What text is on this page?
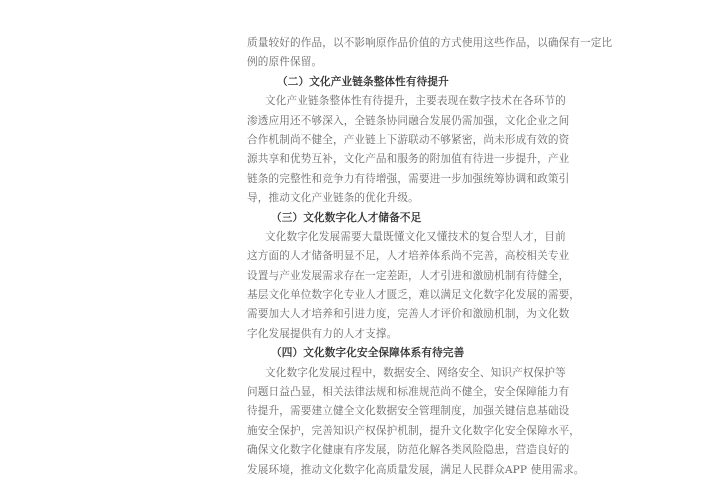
质量较好的作品，以不影响原作品价值的方式使用这些作品，以确保有一定比
例的原件保留。
（二）文化产业链条整体性有待提升
文化产业链条整体性有待提升，主要表现在数字技术在各环节的
渗透应用还不够深入，全链条协同融合发展仍需加强，文化企业之间
合作机制尚不健全，产业链上下游联动不够紧密，尚未形成有效的资
源共享和优势互补，文化产品和服务的附加值有待进一步提升，产业
链条的完整性和竞争力有待增强，需要进一步加强统筹协调和政策引
导，推动文化产业链条的优化升级。
（三）文化数字化人才储备不足
文化数字化发展需要大量既懂文化又懂技术的复合型人才，目前
这方面的人才储备明显不足，人才培养体系尚不完善，高校相关专业
设置与产业发展需求存在一定差距，人才引进和激励机制有待健全，
基层文化单位数字化专业人才匮乏，难以满足文化数字化发展的需要，
需要加大人才培养和引进力度，完善人才评价和激励机制，为文化数
字化发展提供有力的人才支撑。
（四）文化数字化安全保障体系有待完善
文化数字化发展过程中，数据安全、网络安全、知识产权保护等
问题日益凸显，相关法律法规和标准规范尚不健全，安全保障能力有
待提升，需要建立健全文化数据安全管理制度，加强关键信息基础设
施安全保护，完善知识产权保护机制，提升文化数字化安全保障水平，
确保文化数字化健康有序发展，防范化解各类风险隐患，营造良好的
发展环境，推动文化数字化高质量发展，满足人民群众APP 使用需求。
